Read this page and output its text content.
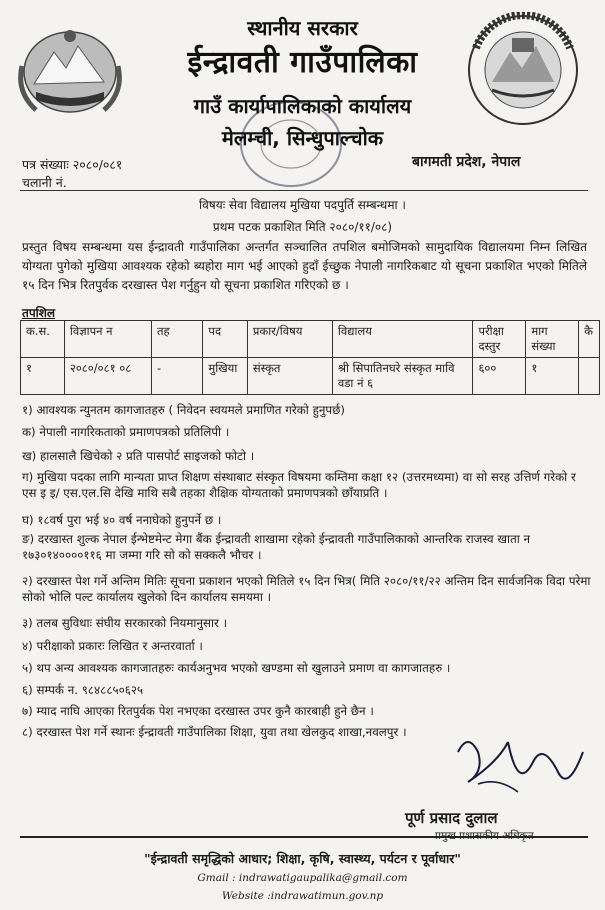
स्थानीय सरकार
ईन्द्रावती गाउँपालिका
गाउँ कार्यापालिकाको कार्यालय
मेलम्ची, सिन्धुपाल्चोक
पत्र संख्याः २०८०/०८१
चलानी नं.
बागमती प्रदेश, नेपाल
विषयः सेवा विद्यालय मुखिया पदपुर्ति सम्बन्धमा ।
प्रथम पटक प्रकाशित मिति २०८०/११/०८)
प्रस्तुत विषय सम्बन्धमा यस ईन्द्रावती गाउँपालिका अन्तर्गत सञ्चालित तपशिल बमोजिमको सामुदायिक विद्यालयमा निम्न लिखित योग्यता पुगेको मुखिया आवश्यक रहेको ब्यहोरा माग भई आएको हुदाँ ईच्छुक नेपाली नागरिकबाट यो सूचना प्रकाशित भएको मितिले १५ दिन भित्र रितपुर्वक दरखास्त पेश गर्नुहुन यो सूचना प्रकाशित गरिएको छ ।
तपशिल
क.स.	विज्ञापन न	तह	पद	प्रकार/विषय	विद्यालय	परीक्षा दस्तुर	माग संख्या	कै
१	२०८०/०८१ ०८	-	मुखिया	संस्कृत	श्री सिपातिनघरे संस्कृत मावि वडा नं ६	६००	१	
१) आवश्यक न्युनतम कागजातहरु ( निवेदन स्वयमले प्रमाणित गरेको हुनुपर्छ)
क) नेपाली नागरिकताको प्रमाणपत्रको प्रतिलिपी ।
ख) हालसालै खिचेको २ प्रति पासपोर्ट साइजको फोटो ।
ग) मुखिया पदका लागि मान्यता प्राप्त शिक्षण संस्थाबाट संस्कृत विषयमा कम्तिमा कक्षा १२ (उत्तरमध्यमा) वा सो सरह उत्तिर्ण गरेको र एस इ इ/ एस.एल.सि देखि माथि सबै तहका शैक्षिक योग्यताको प्रमाणपत्रको छाँयाप्रति ।
घ) १८वर्ष पुरा भई ४० वर्ष ननाघेको हुनुपर्ने छ ।
ङ) दरखास्त शुल्क नेपाल ईन्भेष्टमेन्ट मेगा बैंक ईन्द्रावती शाखामा रहेको ईन्द्रावती गाउँपालिकाको आन्तरिक राजस्व खाता न १७३०१४००००११६ मा जम्मा गरि सो को सक्कलै भौचर ।
२) दरखास्त पेश गर्ने अन्तिम मितिः सूचना प्रकाशन भएको मितिले १५ दिन भित्र( मिति २०८०/११/२२ अन्तिम दिन सार्वजनिक विदा परेमा सोको भोलि पल्ट कार्यालय खुलेको दिन कार्यालय समयमा ।
३) तलब सुविधाः संघीय सरकारको नियमानुसार ।
४) परीक्षाको प्रकारः लिखित र अन्तरवार्ता ।
५) थप अन्य आवश्यक कागजातहरुः कार्यअनुभव भएको खण्डमा सो खुलाउने प्रमाण वा कागजातहरु ।
६) सम्पर्क न. ९८४८८५०६२५
७) म्याद नाघि आएका रितपुर्वक पेश नभएका दरखास्त उपर कुनै कारबाही हुने छैन ।
८) दरखास्त पेश गर्ने स्थानः ईन्द्रावती गाउँपालिका शिक्षा, युवा तथा खेलकुद शाखा,नवलपुर ।
पूर्ण प्रसाद दुलाल
प्रमुख प्रशासकीय अधिकृत
"ईन्द्रावती समृद्धिको आधार; शिक्षा, कृषि, स्वास्थ्य, पर्यटन र पूर्वाधार"
Gmail : indrawatigaupalika@gmail.com
Website :indrawatimun.gov.np
